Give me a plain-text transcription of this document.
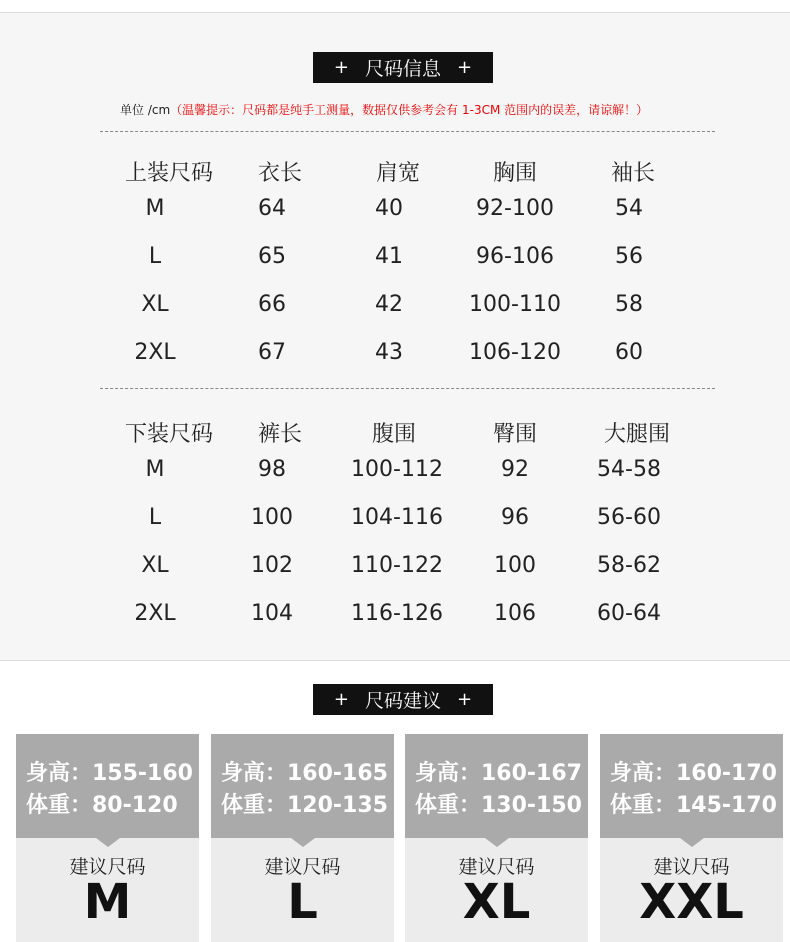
+ 尺码信息 +
单位 /cm（温馨提示：尺码都是纯手工测量，数据仅供参考会有 1-3CM 范围内的误差，请谅解！）
上装尺码	衣长	肩宽	胸围	袖长
M	64	40	92-100	54
L	65	41	96-106	56
XL	66	42	100-110	58
2XL	67	43	106-120	60
下装尺码	裤长	腹围	臀围	大腿围
M	98	100-112	92	54-58
L	100	104-116	96	56-60
XL	102	110-122	100	58-62
2XL	104	116-126	106	60-64
+ 尺码建议 +
身高：155-160
体重：80-120
建议尺码
M
身高：160-165
体重：120-135
建议尺码
L
身高：160-167
体重：130-150
建议尺码
XL
身高：160-170
体重：145-170
建议尺码
XXL
